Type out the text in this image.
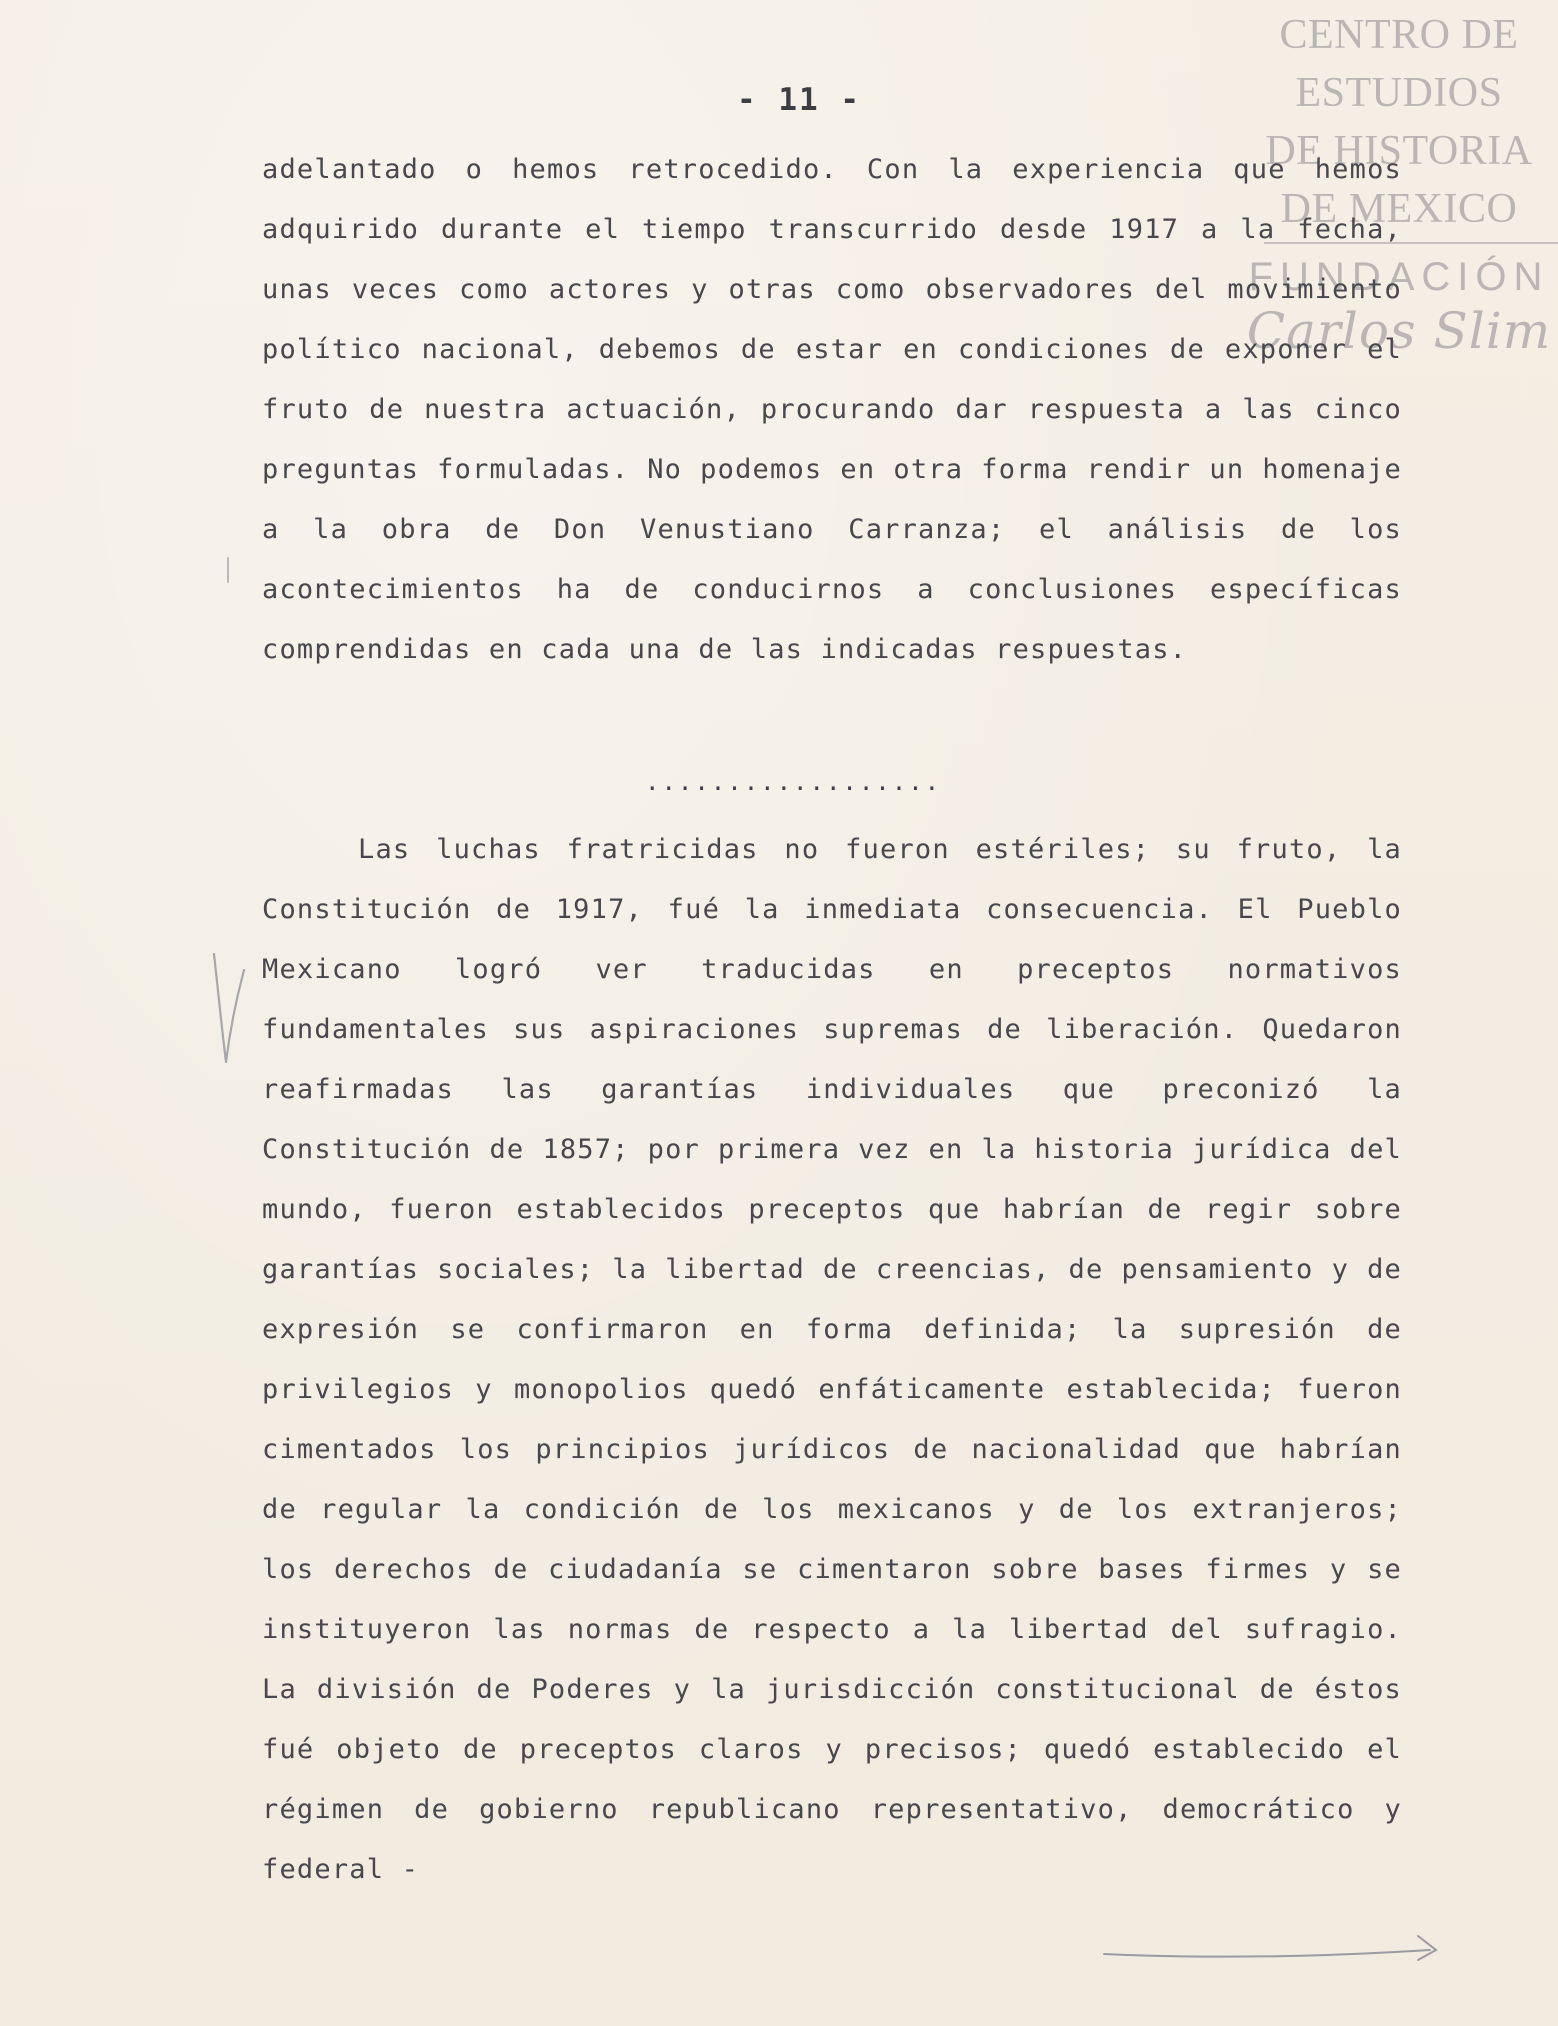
CENTRO DE
ESTUDIOS
DE HISTORIA
DE MEXICO
FUNDACIÓN
Carlos Slim
- 11 -
adelantado o hemos retrocedido. Con la experiencia que hemos adquirido durante el tiempo transcurrido desde 1917 a la fecha, unas veces como actores y otras como observadores del movimiento político nacional, debemos de estar en condiciones de exponer el fruto de nuestra actuación, procurando dar respuesta a las cinco preguntas formuladas. No podemos en otra forma rendir un homenaje a la obra de Don Venustiano Carranza; el análisis de los acontecimientos ha de conducirnos a conclusiones específicas comprendidas en cada una de las indicadas respuestas.
..................
Las luchas fratricidas no fueron estériles; su fruto, la Constitución de 1917, fué la inmediata consecuencia. El Pueblo Mexicano logró ver traducidas en preceptos normativos fundamentales sus aspiraciones supremas de liberación. Quedaron reafirmadas las garantías individuales que preconizó la Constitución de 1857; por primera vez en la historia jurídica del mundo, fueron establecidos preceptos que habrían de regir sobre garantías sociales; la libertad de creencias, de pensamiento y de expresión se confirmaron en forma definida; la supresión de privilegios y monopolios quedó enfáticamente establecida; fueron cimentados los principios jurídicos de nacionalidad que habrían de regular la condición de los mexicanos y de los extranjeros; los derechos de ciudadanía se cimentaron sobre bases firmes y se instituyeron las normas de respecto a la libertad del sufragio. La división de Poderes y la jurisdicción constitucional de éstos fué objeto de preceptos claros y precisos; quedó establecido el régimen de gobierno republicano representativo, democrático y federal -
